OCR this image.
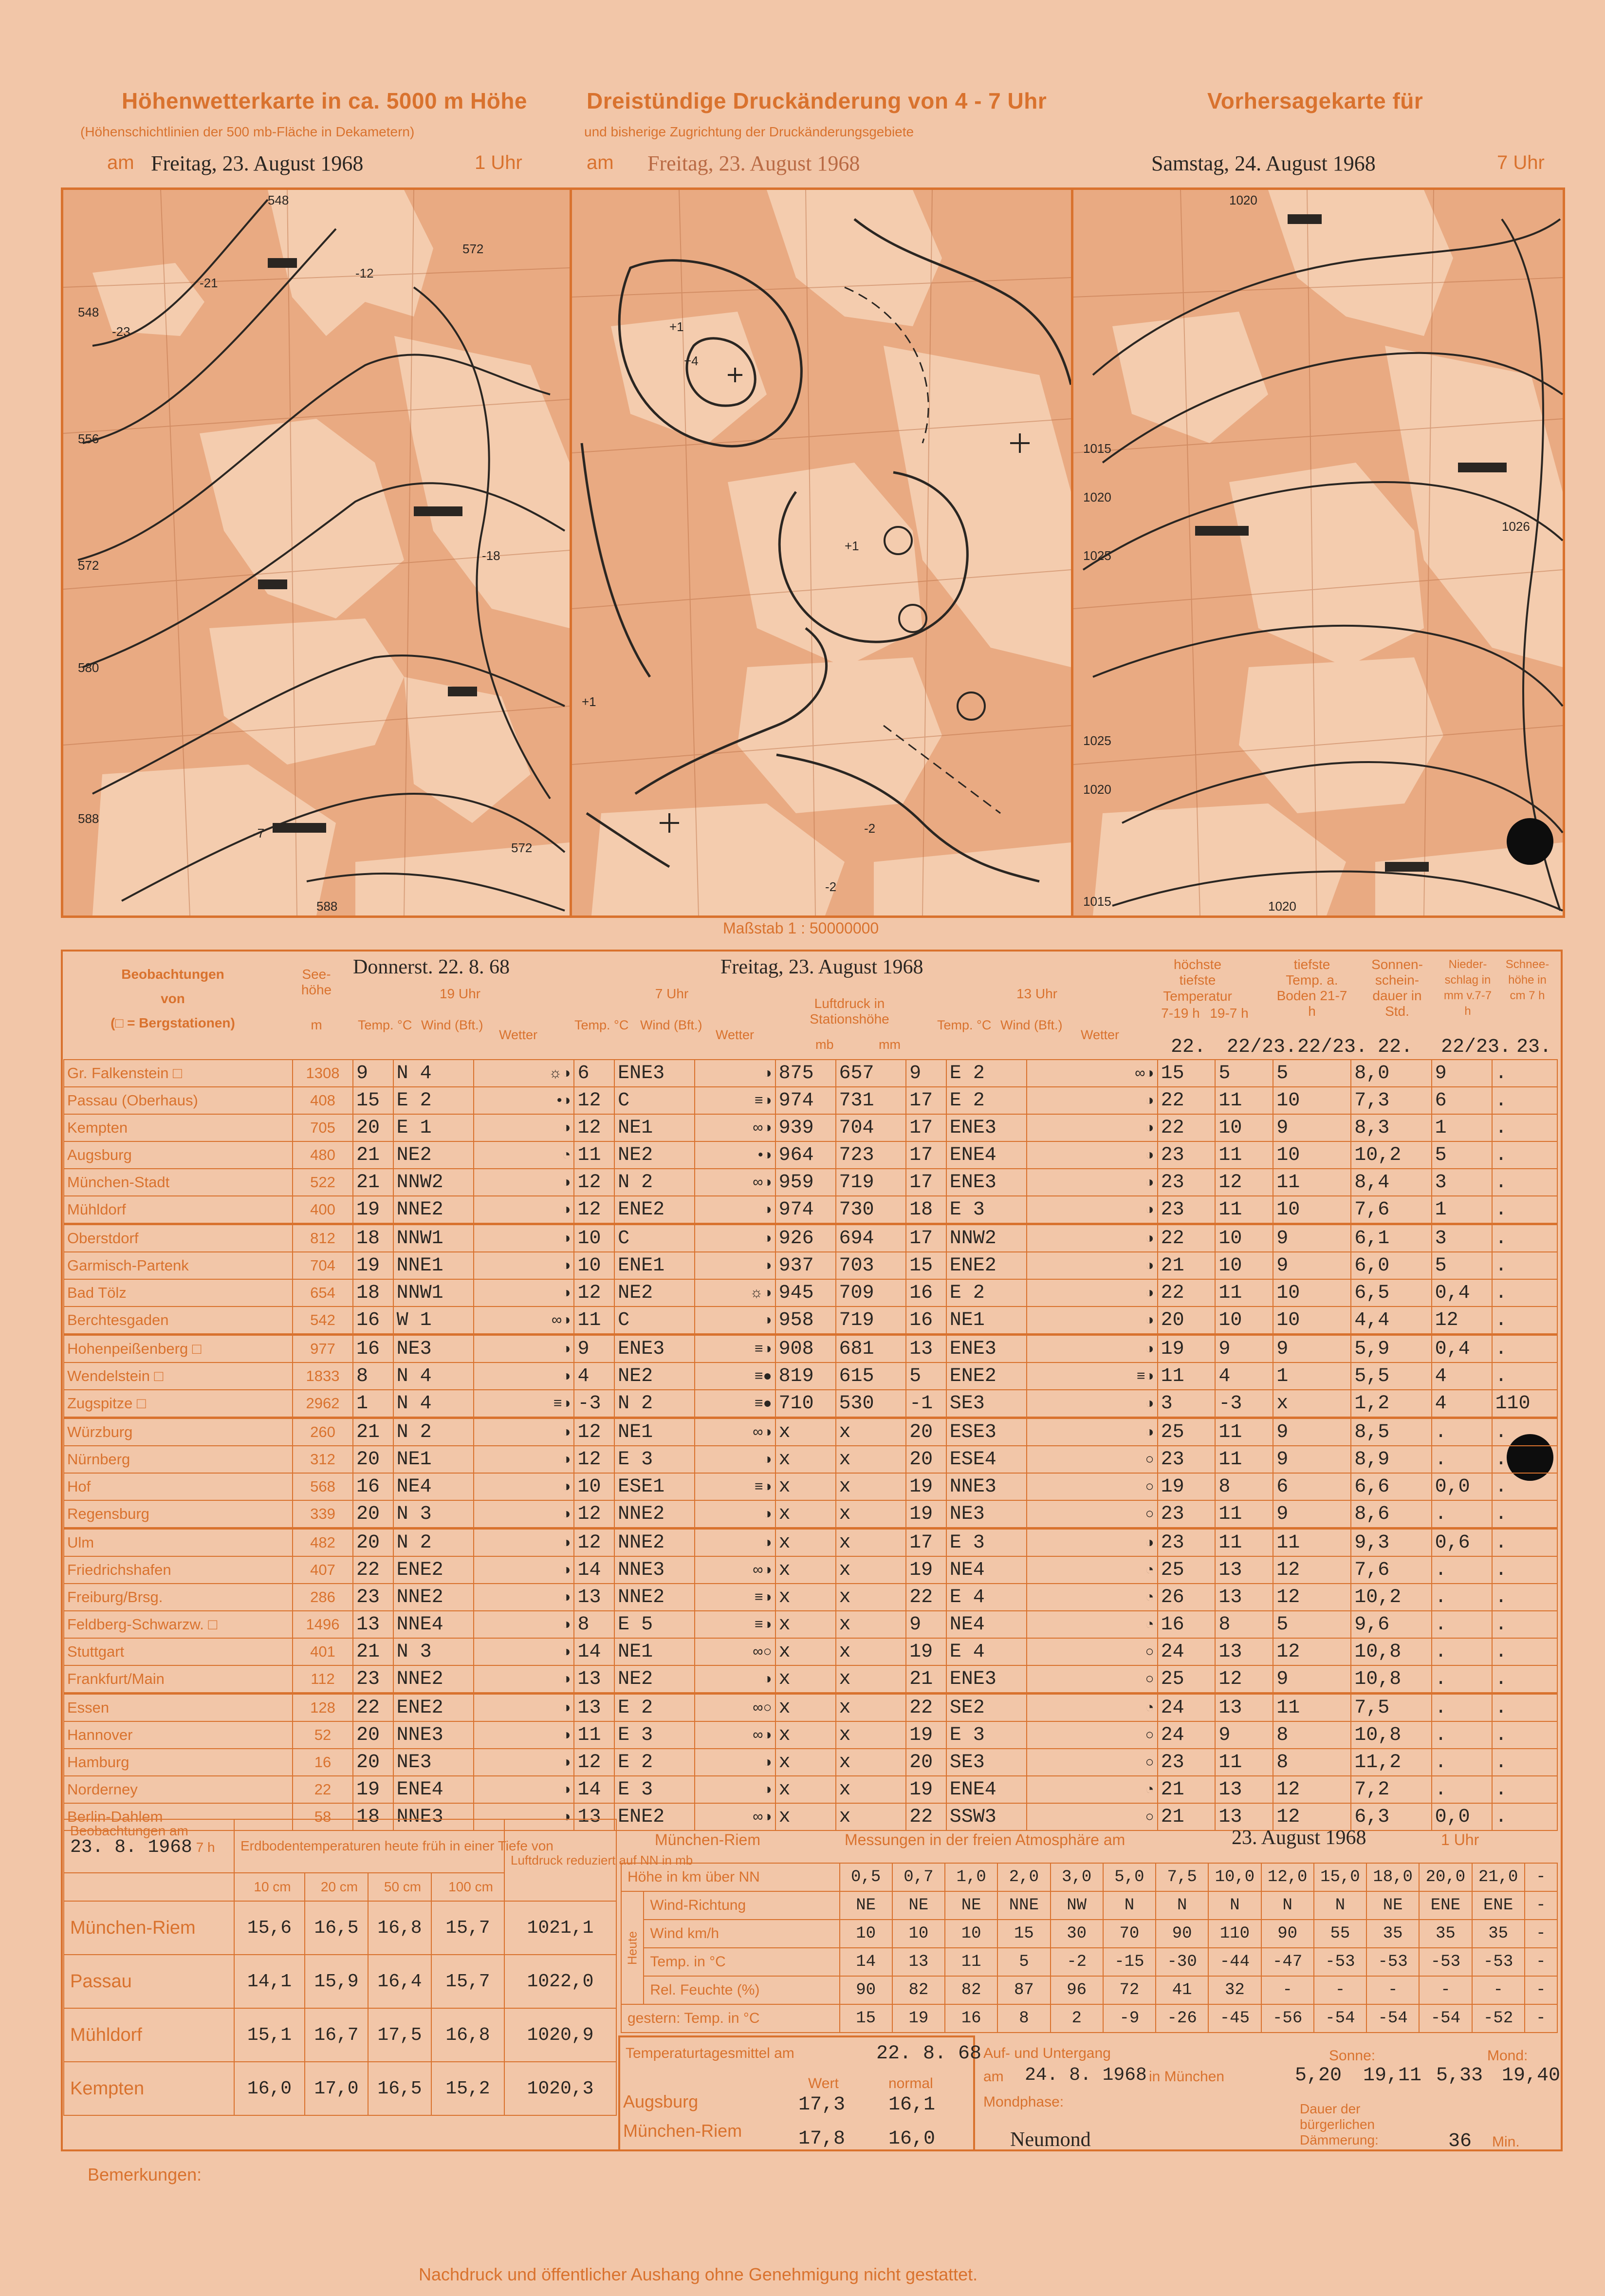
Höhenwetterkarte in ca. 5000 m Höhe
(Höhenschichtlinien der 500 mb-Fläche in Dekametern)
am Freitag, 23. August 1968	1 Uhr
Dreistündige Druckänderung von 4 - 7 Uhr
und bisherige Zugrichtung der Druckänderungsgebiete
am Freitag, 23. August 1968
Vorhersagekarte für
Samstag, 24. August 1968	7 Uhr
548
572
548
556
572
580
588
588
572
-23
-21
-12
-18
-7
+1
+4
+1
-2
-2
+1
1020
1015
1020
1025
1025
1020
1015	1020
1026
Maßstab 1 : 50000000
Beobachtungen
von
(□ = Bergstationen)
See-
höhe
m
Donnerst. 22. 8. 68
19 Uhr
Freitag, 23. August 1968
7 Uhr
Luftdruck in Stationshöhe
13 Uhr
höchste tiefste
Temperatur
7-19 h 19-7 h
tiefste Temp. a. Boden 21-7 h
Sonnen-schein-dauer in Std.
Nieder-schlag in mm v.7-7 h
Schnee-höhe in cm 7 h
22. 22/23. 22/23. 22. 22/23. 23.
Temp. °C Wind (Bft.)
Wetter
Temp. °C Wind (Bft.)
Wetter
mb	mm
Temp. °C Wind (Bft.)
Wetter
Gr. Falkenstein □	1308	9	N 4	☼◑	6	ENE3	◑	875	657	9	E 2	∞◑	15	5	5	8,0	9	.
Passau (Oberhaus)	408	15	E 2	•◑	12	C	≡◑	974	731	17	E 2	◑	22	11	10	7,3	6	.
Kempten	705	20	E 1	◑	12	NE1	∞◑	939	704	17	ENE3	◑	22	10	9	8,3	1	.
Augsburg	480	21	NE2	◔	11	NE2	•◑	964	723	17	ENE4	◑	23	11	10	10,2	5	.
München-Stadt	522	21	NNW2	◑	12	N 2	∞◑	959	719	17	ENE3	◑	23	12	11	8,4	3	.
Mühldorf	400	19	NNE2	◑	12	ENE2	◑	974	730	18	E 3	◑	23	11	10	7,6	1	.
Oberstdorf	812	18	NNW1	◑	10	C	◑	926	694	17	NNW2	◑	22	10	9	6,1	3	.
Garmisch-Partenk	704	19	NNE1	◑	10	ENE1	◑	937	703	15	ENE2	◑	21	10	9	6,0	5	.
Bad Tölz	654	18	NNW1	◑	12	NE2	☼◑	945	709	16	E 2	◑	22	11	10	6,5	0,4	.
Berchtesgaden	542	16	W 1	∞◑	11	C	◑	958	719	16	NE1	◑	20	10	10	4,4	12	.
Hohenpeißenberg □	977	16	NE3	◑	9	ENE3	≡◑	908	681	13	ENE3	◑	19	9	9	5,9	0,4	.
Wendelstein □	1833	8	N 4	◑	4	NE2	≡●	819	615	5	ENE2	≡◑	11	4	1	5,5	4	.
Zugspitze □	2962	1	N 4	≡◑	-3	N 2	≡●	710	530	-1	SE3	◑	3	-3	x	1,2	4	110
Würzburg	260	21	N 2	◑	12	NE1	∞◑	x	x	20	ESE3	◑	25	11	9	8,5	.	.
Nürnberg	312	20	NE1	◑	12	E 3	◑	x	x	20	ESE4	○	23	11	9	8,9	.	.
Hof	568	16	NE4	◑	10	ESE1	≡◑	x	x	19	NNE3	○	19	8	6	6,6	0,0	.
Regensburg	339	20	N 3	◑	12	NNE2	◑	x	x	19	NE3	○	23	11	9	8,6	.	.
Ulm	482	20	N 2	◑	12	NNE2	◑	x	x	17	E 3	◑	23	11	11	9,3	0,6	.
Friedrichshafen	407	22	ENE2	◑	14	NNE3	∞◑	x	x	19	NE4	◔	25	13	12	7,6	.	.
Freiburg/Brsg.	286	23	NNE2	◑	13	NNE2	≡◑	x	x	22	E 4	◔	26	13	12	10,2	.	.
Feldberg-Schwarzw. □	1496	13	NNE4	◑	8	E 5	≡◑	x	x	9	NE4	◔	16	8	5	9,6	.	.
Stuttgart	401	21	N 3	◑	14	NE1	∞○	x	x	19	E 4	○	24	13	12	10,8	.	.
Frankfurt/Main	112	23	NNE2	◑	13	NE2	◑	x	x	21	ENE3	○	25	12	9	10,8	.	.
Essen	128	22	ENE2	◑	13	E 2	∞○	x	x	22	SE2	◔	24	13	11	7,5	.	.
Hannover	52	20	NNE3	◑	11	E 3	∞◑	x	x	19	E 3	○	24	9	8	10,8	.	.
Hamburg	16	20	NE3	◑	12	E 2	◑	x	x	20	SE3	○	23	11	8	11,2	.	.
Norderney	22	19	ENE4	◑	14	E 3	◑	x	x	19	ENE4	◔	21	13	12	7,2	.	.
Berlin-Dahlem	58	18	NNE3	◑	13	ENE2	∞◑	x	x	22	SSW3	○	21	13	12	6,3	0,0	.
Beobachtungen am
23. 8. 1968 7 h	Erdbodentemperaturen heute früh in einer Tiefe von				Luftdruck reduziert auf NN in mb
	10 cm	20 cm	50 cm	100 cm	
München-Riem	15,6	16,5	16,8	15,7	1021,1
Passau	14,1	15,9	16,4	15,7	1022,0
Mühldorf	15,1	16,7	17,5	16,8	1020,9
Kempten	16,0	17,0	16,5	15,2	1020,3
München-Riem	Messungen in der freien Atmosphäre am	23. August 1968	1 Uhr
Höhe in km über NN		0,5	0,7	1,0	2,0	3,0	5,0	7,5	10,0	12,0	15,0	18,0	20,0	21,0	-
Heute	Wind-Richtung	NE	NE	NE	NNE	NW	N	N	N	N	N	NE	ENE	ENE	-
	Wind km/h	10	10	10	15	30	70	90	110	90	55	35	35	35	-
	Temp. in °C	14	13	11	5	-2	-15	-30	-44	-47	-53	-53	-53	-53	-
	Rel. Feuchte (%)	90	82	82	87	96	72	41	32	-	-	-	-	-	-
gestern: Temp. in °C		15	19	16	8	2	-9	-26	-45	-56	-54	-54	-54	-52	-
Temperaturtagesmittel am	22. 8. 68
Wert	normal
Augsburg	17,3 16,1
München-Riem	17,8 16,0
Auf- und Untergang
am 24. 8. 1968 in München
Sonne:
5,20 19,11
Mond:
5,33 19,40
Mondphase:
Neumond
Dauer der bürgerlichen Dämmerung:	36 Min.
Bemerkungen:
Nachdruck und öffentlicher Aushang ohne Genehmigung nicht gestattet.
